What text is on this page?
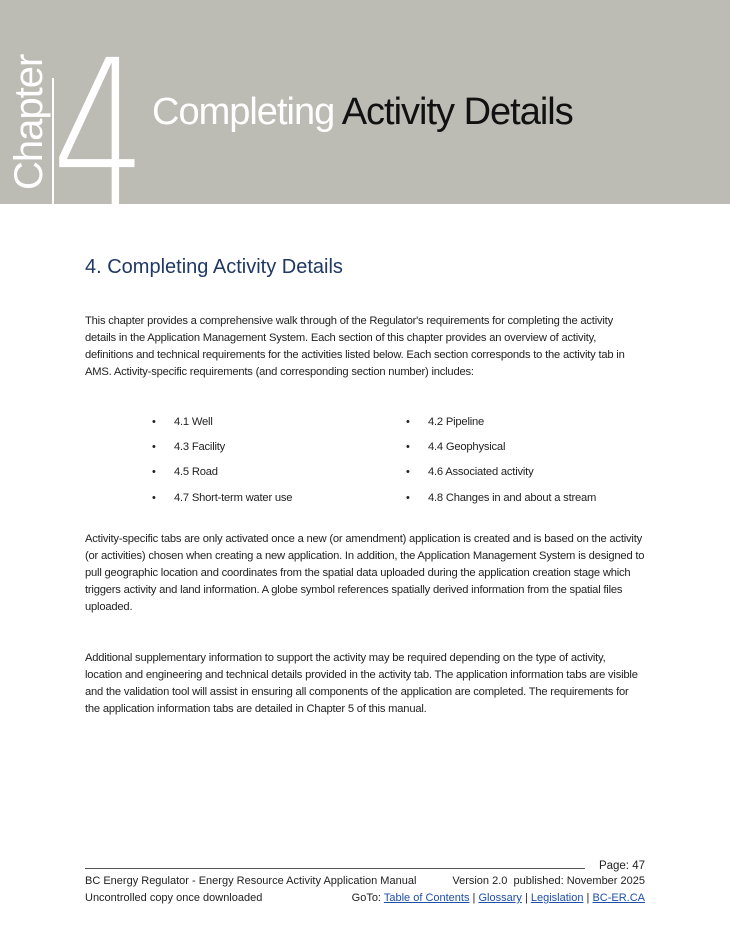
Chapter 4 Completing Activity Details
4. Completing Activity Details

This chapter provides a comprehensive walk through of the Regulator's requirements for completing the activity details in the Application Management System. Each section of this chapter provides an overview of activity, definitions and technical requirements for the activities listed below. Each section corresponds to the activity tab in AMS. Activity-specific requirements (and corresponding section number) includes:

• 4.1 Well	• 4.2 Pipeline
• 4.3 Facility	• 4.4 Geophysical
• 4.5 Road	• 4.6 Associated activity
• 4.7 Short-term water use	• 4.8 Changes in and about a stream

Activity-specific tabs are only activated once a new (or amendment) application is created and is based on the activity (or activities) chosen when creating a new application. In addition, the Application Management System is designed to pull geographic location and coordinates from the spatial data uploaded during the application creation stage which triggers activity and land information. A globe symbol references spatially derived information from the spatial files uploaded.

Additional supplementary information to support the activity may be required depending on the type of activity, location and engineering and technical details provided in the activity tab. The application information tabs are visible and the validation tool will assist in ensuring all components of the application are completed. The requirements for the application information tabs are detailed in Chapter 5 of this manual.

Page: 47
BC Energy Regulator - Energy Resource Activity Application Manual	Version 2.0 published: November 2025
Uncontrolled copy once downloaded	GoTo: Table of Contents | Glossary | Legislation | BC-ER.CA
